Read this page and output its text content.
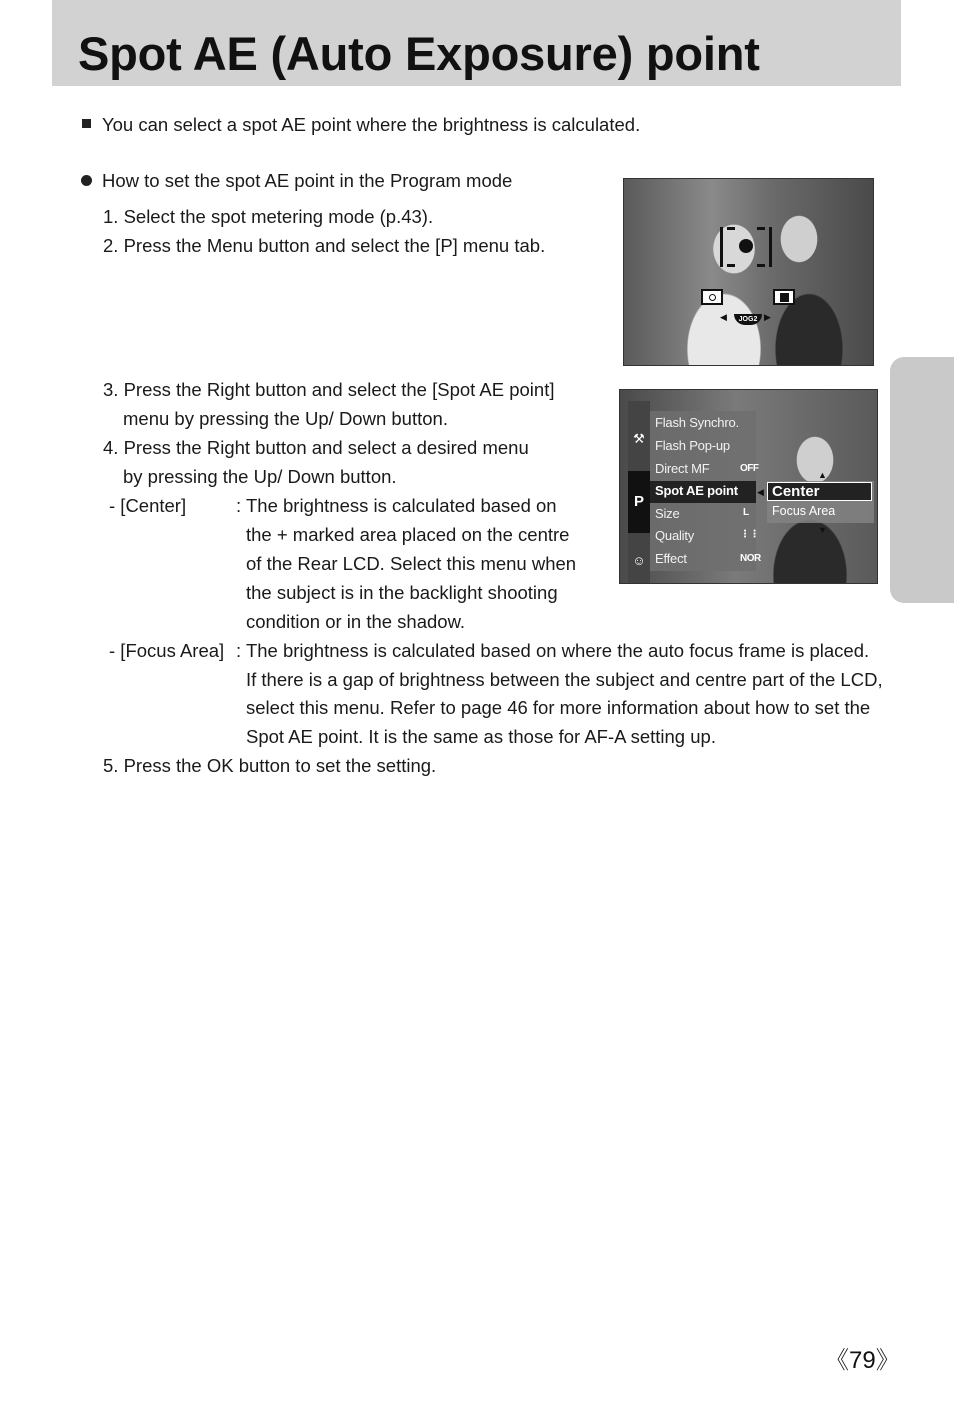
Spot AE (Auto Exposure) point
You can select a spot AE point where the brightness is calculated.
How to set the spot AE point in the Program mode
1. Select the spot metering mode (p.43).
2. Press the Menu button and select the [P] menu tab.
3. Press the Right button and select the [Spot AE point]
menu by pressing the Up/ Down button.
4. Press the Right button and select a desired menu
by pressing the Up/ Down button.
- [Center]	: The brightness is calculated based on
the + marked area placed on the centre
of the Rear LCD. Select this menu when
the subject is in the backlight shooting
condition or in the shadow.
- [Focus Area] : The brightness is calculated based on where the auto focus frame is placed.
If there is a gap of brightness between the subject and centre part of the LCD,
select this menu. Refer to page 46 for more information about how to set the
Spot AE point. It is the same as those for AF-A setting up.
5. Press the OK button to set the setting.
◀	JOG2 ▶
⚒
P
☺
Flash Synchro.
Flash Pop-up
Direct MF	OFF
Spot AE point
Size	L
Quality	⋮⋮
Effect	NOR
◀
▲
Center
Focus Area
▼
《79》
